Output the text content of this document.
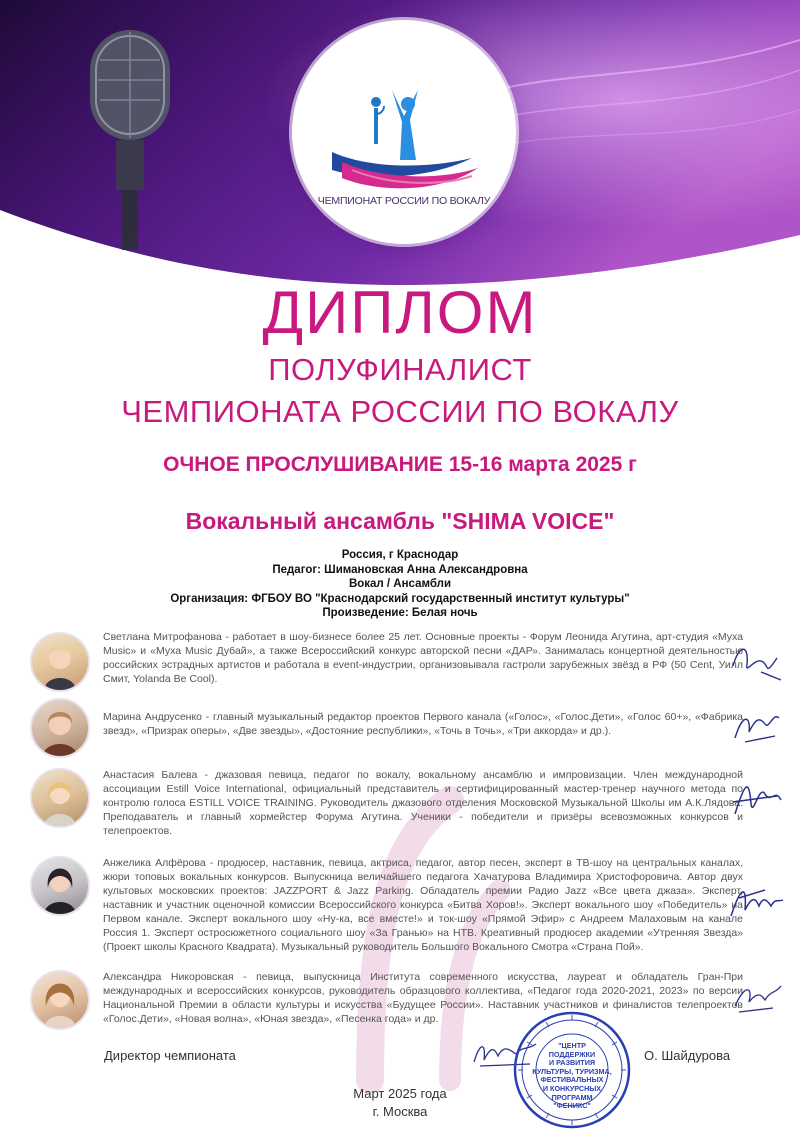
ЧЕМПИОНАТ РОССИИ ПО ВОКАЛУ
ДИПЛОМ
ПОЛУФИНАЛИСТ
ЧЕМПИОНАТА РОССИИ ПО ВОКАЛУ
ОЧНОЕ ПРОСЛУШИВАНИЕ 15-16 марта 2025 г
Вокальный ансамбль "SHIMA VOICE"
Россия, г Краснодар
Педагог: Шимановская Анна Александровна
Вокал / Ансамбли
Организация: ФГБОУ ВО "Краснодарский государственный институт культуры"
Произведение: Белая ночь
Светлана Митрофанова - работает в шоу-бизнесе более 25 лет. Основные проекты - Форум Леонида Агутина, арт-студия «Муха Music» и «Муха Music Дубай», а также Всероссийский конкурс авторской песни «ДАР». Занималась концертной деятельностью российских эстрадных артистов и работала в event-индустрии, организовывала гастроли зарубежных звёзд в РФ (50 Cent, Уилл Смит, Yolanda Be Cool).
Марина Андрусенко - главный музыкальный редактор проектов Первого канала («Голос», «Голос.Дети», «Голос 60+», «Фабрика звезд», «Призрак оперы», «Две звезды», «Достояние республики», «Точь в Точь», «Три аккорда» и др.).
Анастасия Балева - джазовая певица, педагог по вокалу, вокальному ансамблю и импровизации. Член международной ассоциации Estill Voice International, официальный представитель и сертифицированный мастер-тренер научного метода по контролю голоса ESTILL VOICE TRAINING. Руководитель джазового отделения Московской Музыкальной Школы им А.К.Лядова. Преподаватель и главный хормейстер Форума Агутина. Ученики - победители и призёры всевозможных конкурсов и телепроектов.
Анжелика Алфёрова - продюсер, наставник, певица, актриса, педагог, автор песен, эксперт в ТВ-шоу на центральных каналах, жюри топовых вокальных конкурсов. Выпускница величайшего педагога Хачатурова Владимира Христофоровича. Автор двух культовых московских проектов: JAZZPORT & Jazz Parking. Обладатель премии Радио Jazz «Все цвета джаза». Эксперт, наставник и участник оценочной комиссии Всероссийского конкурса «Битва Хоров!». Эксперт вокального шоу «Победитель» на Первом канале. Эксперт вокального шоу «Ну-ка, все вместе!» и ток-шоу «Прямой Эфир» с Андреем Малаховым на канале Россия 1. Эксперт остросюжетного социального шоу «За Гранью» на НТВ. Креативный продюсер академии «Утренняя Звезда» (Проект школы Красного Квадрата). Музыкальный руководитель Большого Вокального Смотра «Страна Пой».
Александра Никоровская - певица, выпускница Института современного искусства, лауреат и обладатель Гран-При международных и всероссийских конкурсов, руководитель образцового коллектива, «Педагог года 2020-2021, 2023» по версии Национальной Премии в области культуры и искусства «Будущее России». Наставник участников и финалистов телепроектов «Голос.Дети», «Новая волна», «Юная звезда», «Песенка года» и др.
Директор чемпионата
"ЦЕНТР
ПОДДЕРЖКИ
И РАЗВИТИЯ
КУЛЬТУРЫ, ТУРИЗМА,
ФЕСТИВАЛЬНЫХ
И КОНКУРСНЫХ
ПРОГРАММ
"ФЕНИКС"
О. Шайдурова
Март 2025 года
г. Москва
